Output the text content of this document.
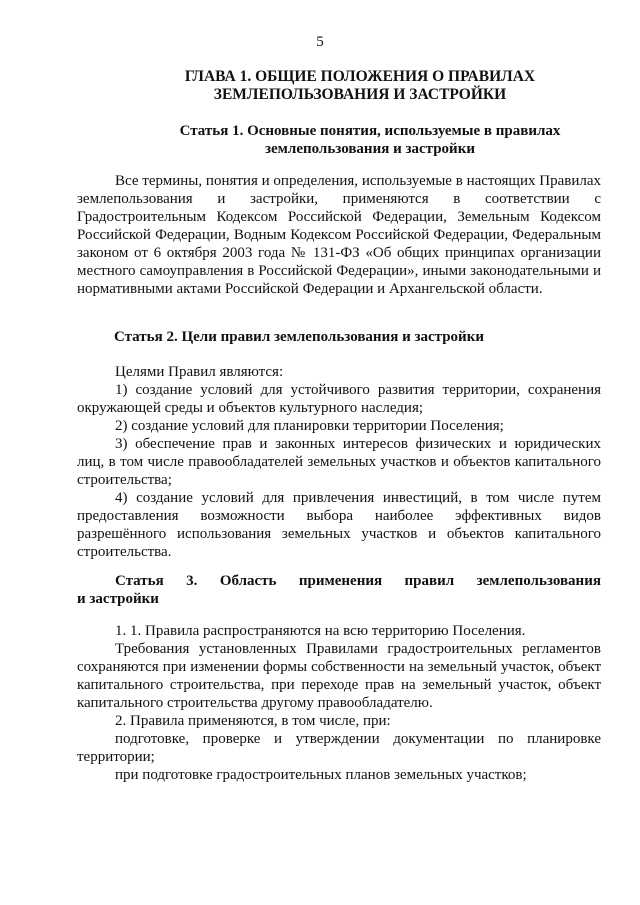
5
ГЛАВА 1. ОБЩИЕ ПОЛОЖЕНИЯ О ПРАВИЛАХ
ЗЕМЛЕПОЛЬЗОВАНИЯ И ЗАСТРОЙКИ
Статья 1. Основные понятия, используемые в правилах
землепользования и застройки

Все термины, понятия и определения, используемые в настоящих Правилах землепользования и застройки, применяются в соответствии с Градостроительным Кодексом Российской Федерации, Земельным Кодексом Российской Федерации, Водным Кодексом Российской Федерации, Федеральным законом от 6 октября 2003 года № 131-ФЗ «Об общих принципах организации местного самоуправления в Российской Федерации», иными законодательными и нормативными актами Российской Федерации и Архангельской области.

Статья 2. Цели правил землепользования и застройки

Целями Правил являются:

1) создание условий для устойчивого развития территории, сохранения окружающей среды и объектов культурного наследия;

2) создание условий для планировки территории Поселения;

3) обеспечение прав и законных интересов физических и юридических лиц, в том числе правообладателей земельных участков и объектов капитального строительства;

4) создание условий для привлечения инвестиций, в том числе путем предоставления возможности выбора наиболее эффективных видов разрешённого использования земельных участков и объектов капитального строительства.

Статья 3. Область применения правил землепользования
и застройки

1. 1. Правила распространяются на всю территорию Поселения.

Требования установленных Правилами градостроительных регламентов сохраняются при изменении формы собственности на земельный участок, объект капитального строительства, при переходе прав на земельный участок, объект капитального строительства другому правообладателю.

2. Правила применяются, в том числе, при:

подготовке, проверке и утверждении документации по планировке территории;

при подготовке градостроительных планов земельных участков;
